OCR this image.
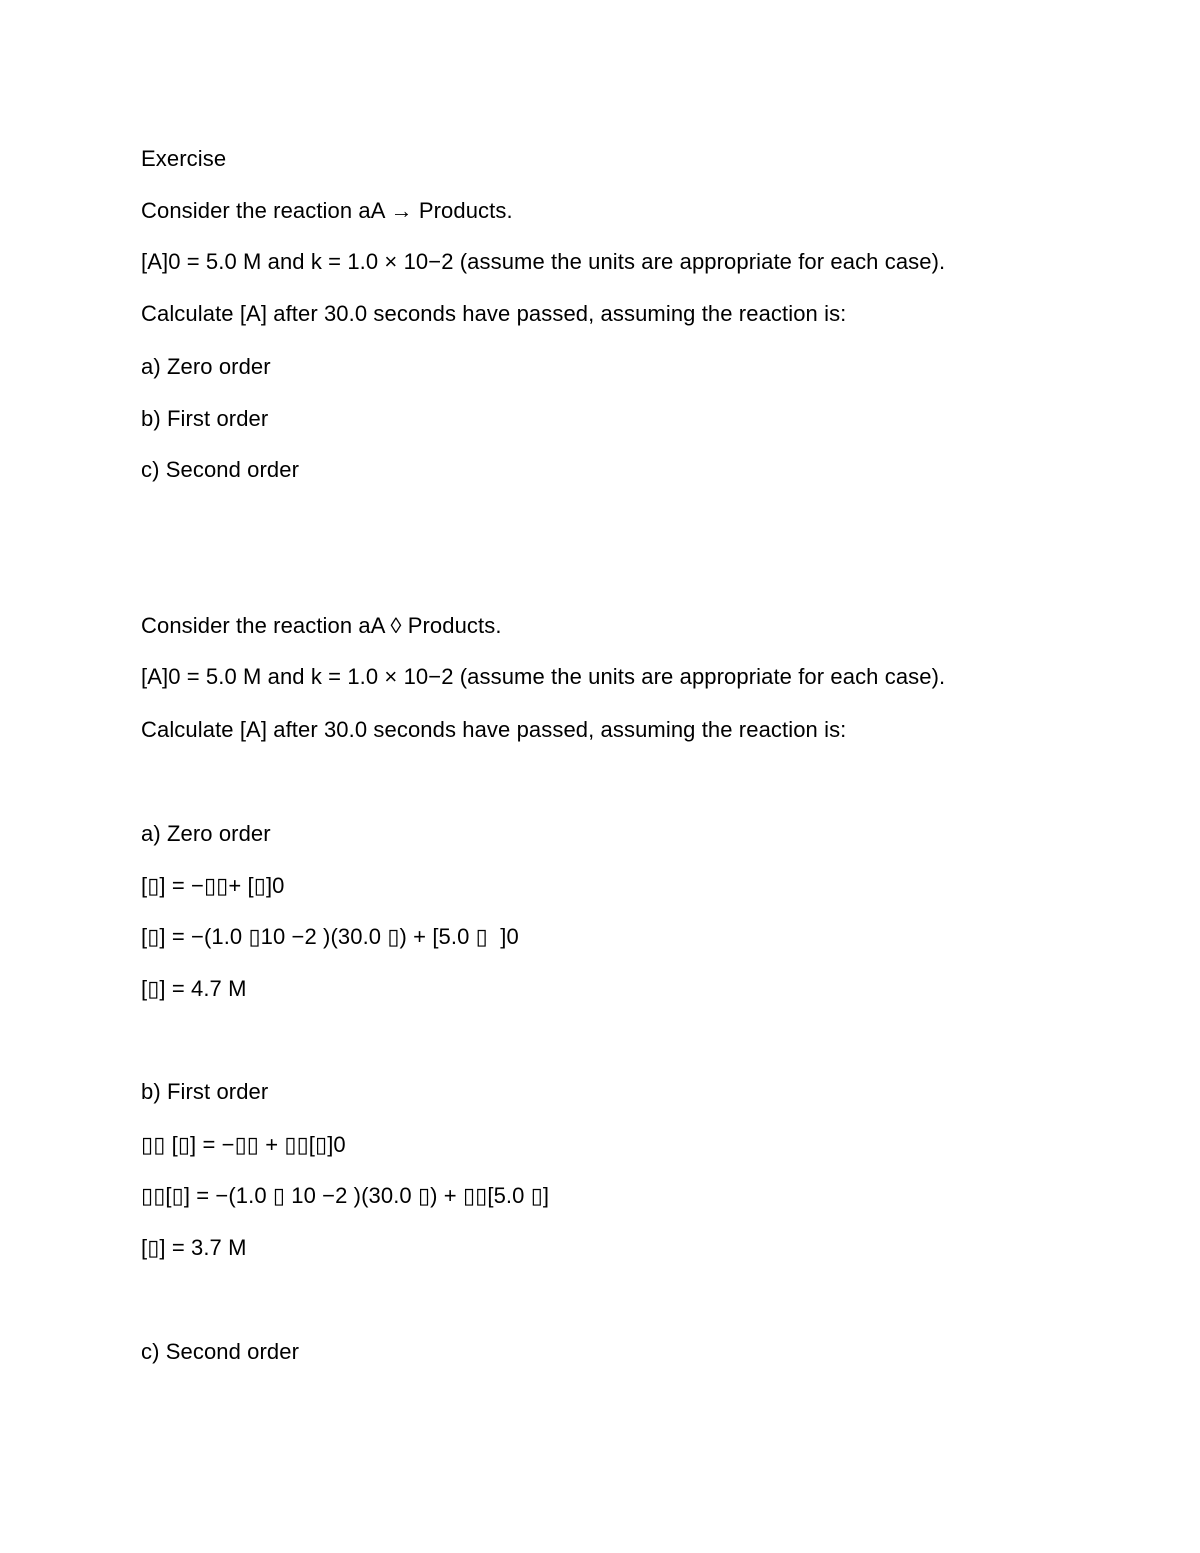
Exercise

Consider the reaction aA → Products.

[A]0 = 5.0 M and k = 1.0 × 10−2 (assume the units are appropriate for each case).

Calculate [A] after 30.0 seconds have passed, assuming the reaction is:

a) Zero order

b) First order

c) Second order

Consider the reaction aA ◊ Products.

[A]0 = 5.0 M and k = 1.0 × 10−2 (assume the units are appropriate for each case).

Calculate [A] after 30.0 seconds have passed, assuming the reaction is:

a) Zero order

[▯] = −▯▯+ [▯]0

[▯] = −(1.0 ▯10 −2 )(30.0 ▯) + [5.0 ▯  ]0

[▯] = 4.7 M

b) First order

▯▯ [▯] = −▯▯ + ▯▯[▯]0

▯▯[▯] = −(1.0 ▯ 10 −2 )(30.0 ▯) + ▯▯[5.0 ▯]

[▯] = 3.7 M

c) Second order
